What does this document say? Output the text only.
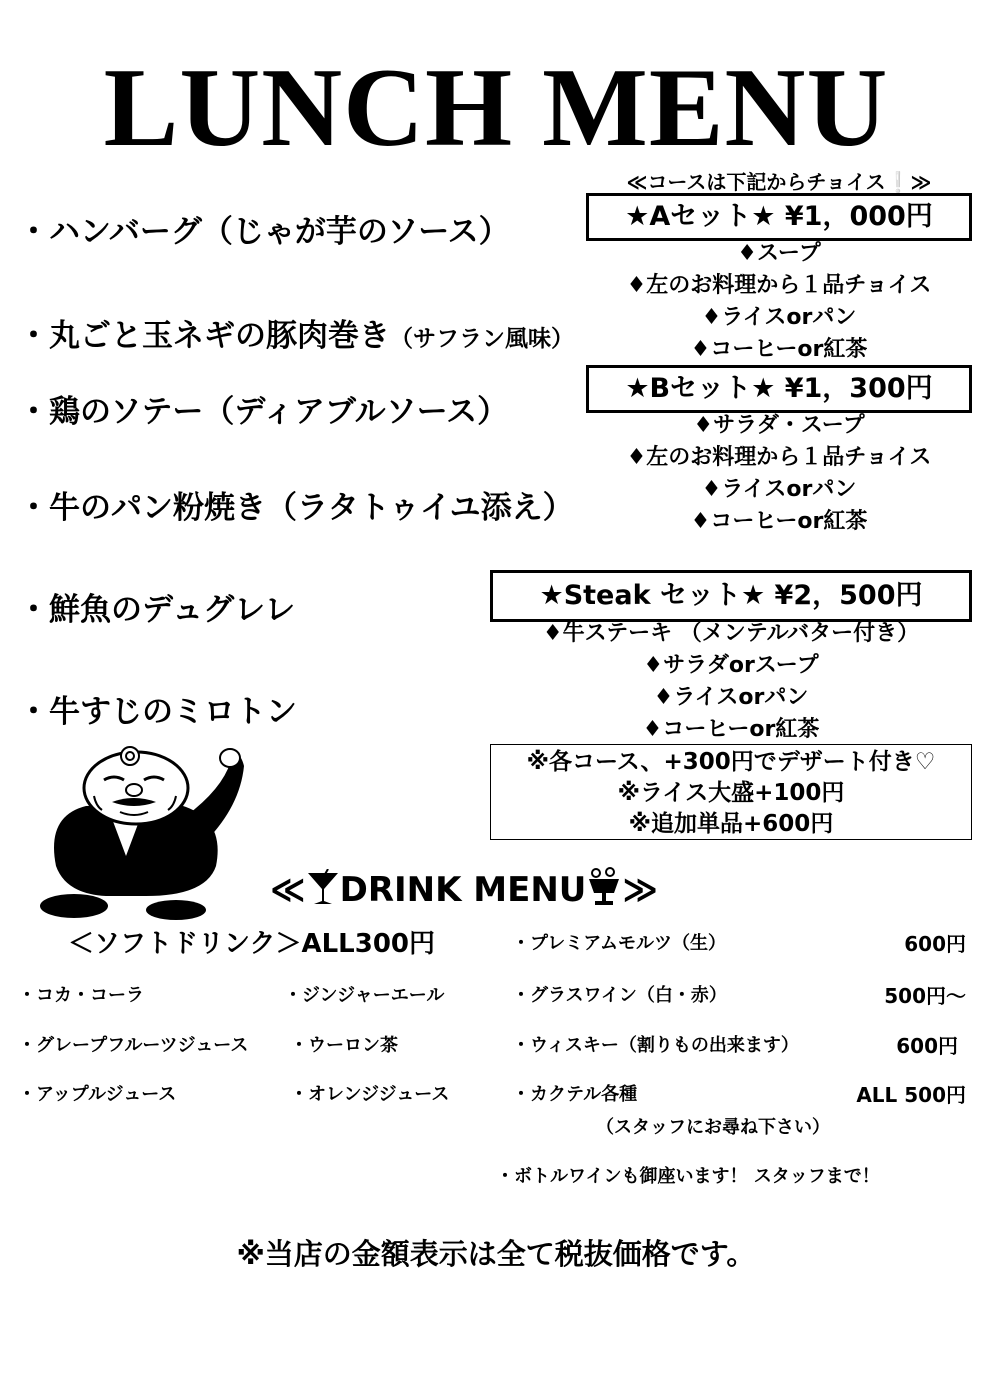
LUNCH MENU
・ハンバーグ（じゃが芋のソース）
・丸ごと玉ネギの豚肉巻き（サフラン風味）
・鶏のソテー（ディアブルソース）
・牛のパン粉焼き（ラタトゥイユ添え）
・鮮魚のデュグレレ
・牛すじのミロトン
≪コースは下記からチョイス❕≫
★Aセット★ ¥1，000円
♦スープ
♦左のお料理から１品チョイス
♦ライスorパン
♦コーヒーor紅茶
★Bセット★ ¥1，300円
♦サラダ・スープ
♦左のお料理から１品チョイス
♦ライスorパン
♦コーヒーor紅茶
★Steak セット★ ¥2，500円
♦牛ステーキ （メンテルバター付き）
♦サラダorスープ
♦ライスorパン
♦コーヒーor紅茶
※各コース、+300円でデザート付き♡
※ライス大盛+100円
※追加単品+600円
≪ DRINK MENU ≫
＜ソフトドリンク＞ALL300円
・コカ・コーラ	・ジンジャーエール
・グレープフルーツジュース ・ウーロン茶
・アップルジュース	・オレンジジュース
・プレミアムモルツ（生）	600円
・グラスワイン（白・赤）	500円～
・ウィスキー（割りもの出来ます）	600円
・カクテル各種	ALL 500円
（スタッフにお尋ね下さい）
・ボトルワインも御座います！ スタッフまで！
※当店の金額表示は全て税抜価格です。
